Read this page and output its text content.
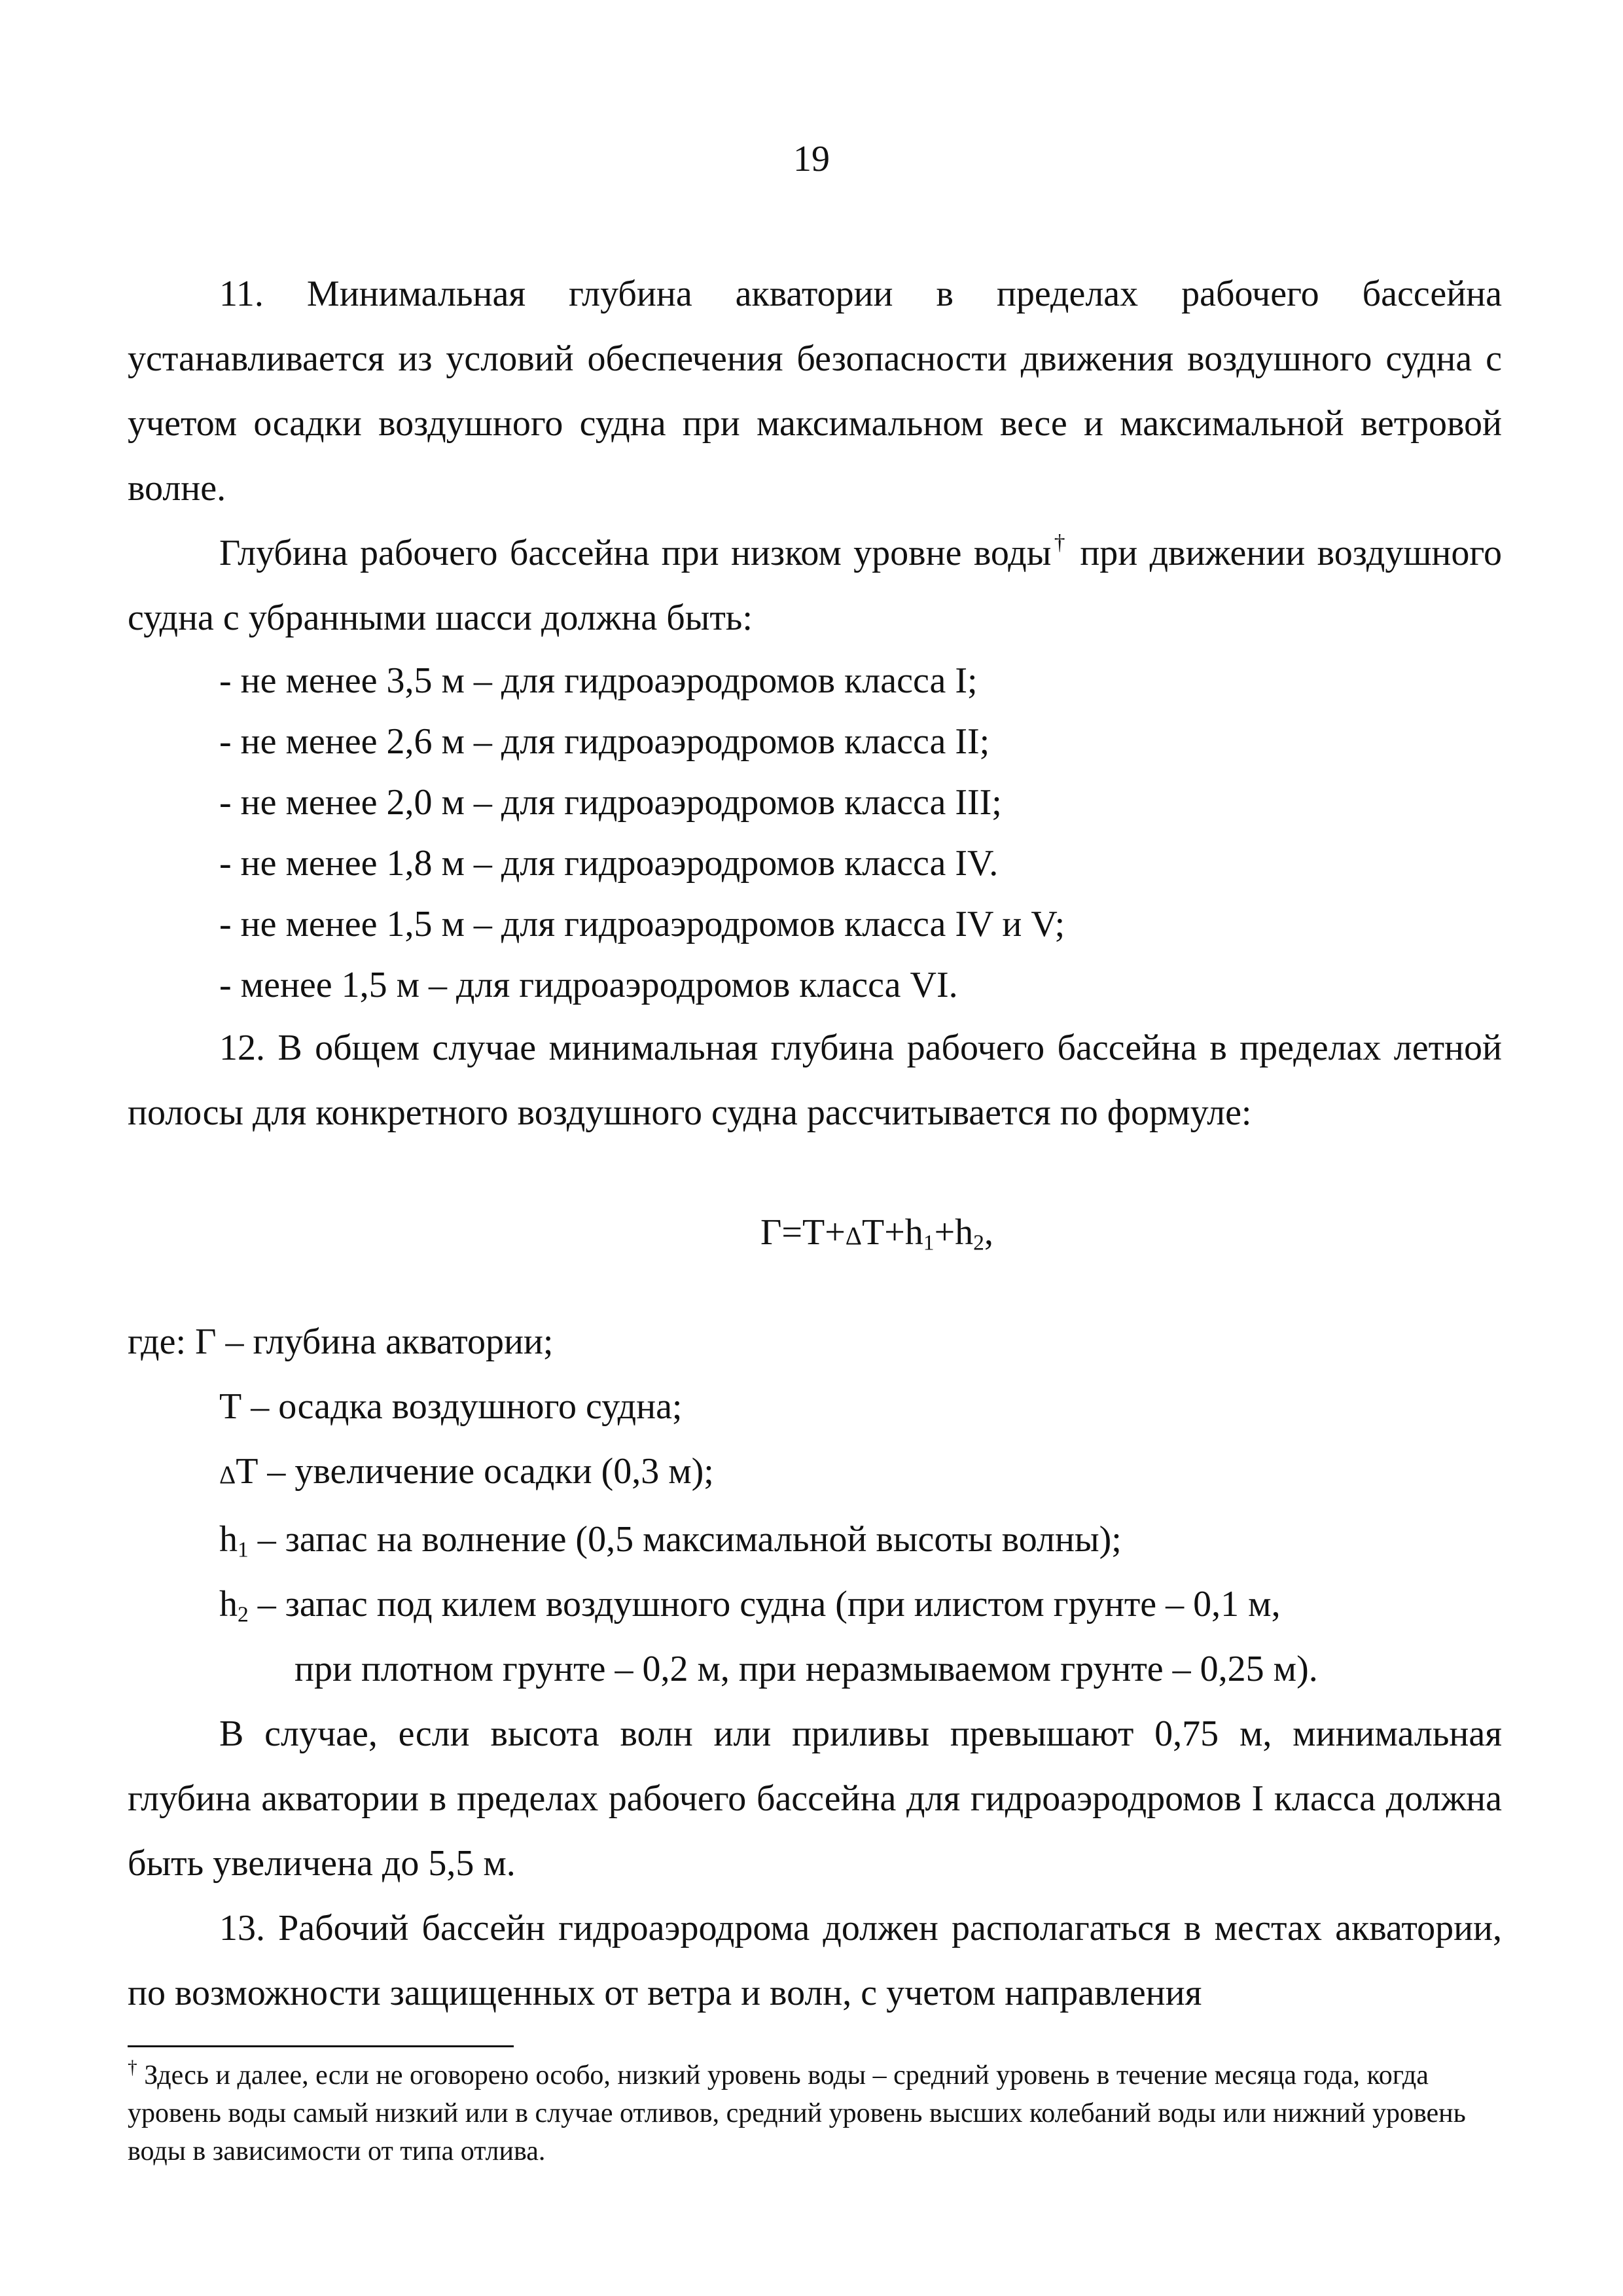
19

11. Минимальная глубина акватории в пределах рабочего бассейна устанавливается из условий обеспечения безопасности движения воздушного судна с учетом осадки воздушного судна при максимальном весе и максимальной ветровой волне.

Глубина рабочего бассейна при низком уровне воды† при движении воздушного судна с убранными шасси должна быть:

- не менее 3,5 м – для гидроаэродромов класса I;
- не менее 2,6 м – для гидроаэродромов класса II;
- не менее 2,0 м – для гидроаэродромов класса III;
- не менее 1,8 м – для гидроаэродромов класса IV.
- не менее 1,5 м – для гидроаэродромов класса IV и V;
- менее 1,5 м – для гидроаэродромов класса VI.

12. В общем случае минимальная глубина рабочего бассейна в пределах летной полосы для конкретного воздушного судна рассчитывается по формуле:

$Г=Т+\Delta Т+h_1+h_2$,
где: Г – глубина акватории;
Т – осадка воздушного судна;
ΔТ – увеличение осадки (0,3 м);
$h_1$ – запас на волнение (0,5 максимальной высоты волны);
$h_2$ – запас под килем воздушного судна (при илистом грунте – 0,1 м,
при плотном грунте – 0,2 м, при неразмываемом грунте – 0,25 м).

В случае, если высота волн или приливы превышают 0,75 м, минимальная глубина акватории в пределах рабочего бассейна для гидроаэродромов I класса должна быть увеличена до 5,5 м.

13. Рабочий бассейн гидроаэродрома должен располагаться в местах акватории, по возможности защищенных от ветра и волн, с учетом направления

† Здесь и далее, если не оговорено особо, низкий уровень воды – средний уровень в течение месяца года, когда уровень воды самый низкий или в случае отливов, средний уровень высших колебаний воды или нижний уровень воды в зависимости от типа отлива.
